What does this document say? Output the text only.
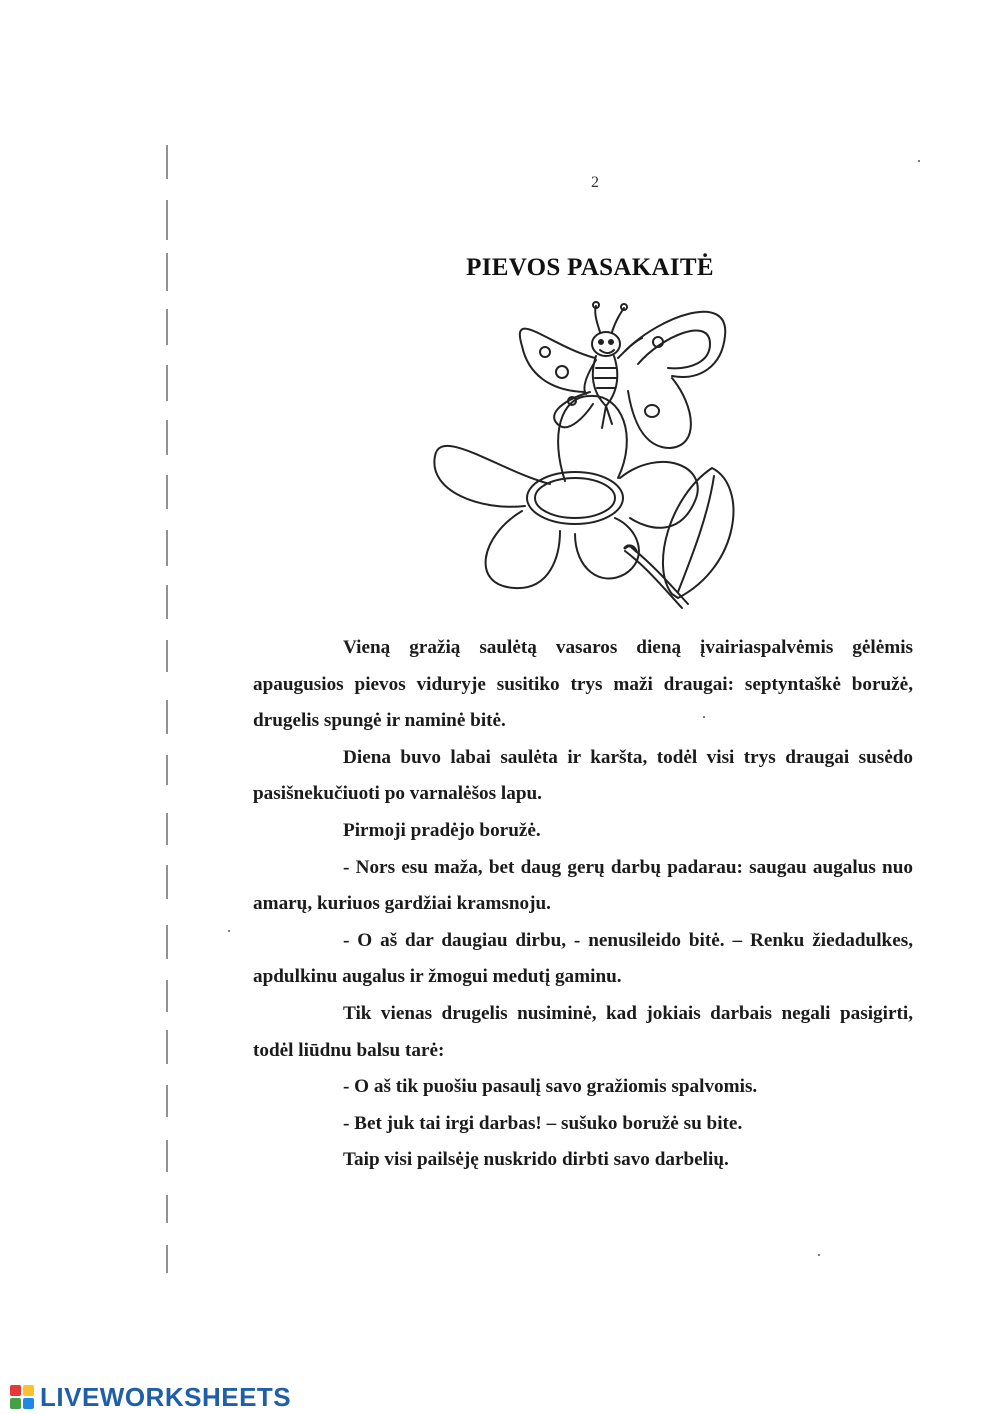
2
PIEVOS PASAKAITĖ

Vieną gražią saulėtą vasaros dieną įvairiaspalvėmis gėlėmis apaugusios pievos viduryje susitiko trys maži draugai: septyntaškė boružė, drugelis spungė ir naminė bitė.

Diena buvo labai saulėta ir karšta, todėl visi trys draugai susėdo pasišnekučiuoti po varnalėšos lapu.

Pirmoji pradėjo boružė.

- Nors esu maža, bet daug gerų darbų padarau: saugau augalus nuo amarų, kuriuos gardžiai kramsnoju.

- O aš dar daugiau dirbu, - nenusileido bitė. – Renku žiedadulkes, apdulkinu augalus ir žmogui medutį gaminu.

Tik vienas drugelis nusiminė, kad jokiais darbais negali pasigirti, todėl liūdnu balsu tarė:

- O aš tik puošiu pasaulį savo gražiomis spalvomis.

- Bet juk tai irgi darbas! – sušuko boružė su bite.

Taip visi pailsėję nuskrido dirbti savo darbelių.

LIVEWORKSHEETS
